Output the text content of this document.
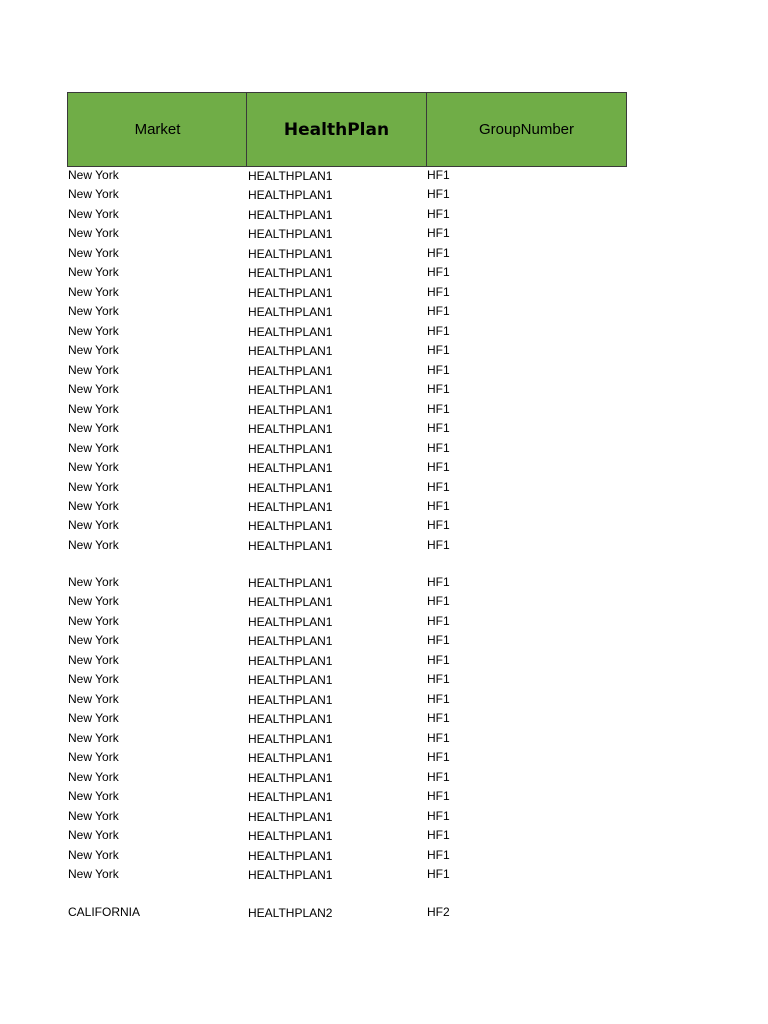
Market	HealthPlan	GroupNumber
New York	HEALTHPLAN1	HF1
New York	HEALTHPLAN1	HF1
New York	HEALTHPLAN1	HF1
New York	HEALTHPLAN1	HF1
New York	HEALTHPLAN1	HF1
New York	HEALTHPLAN1	HF1
New York	HEALTHPLAN1	HF1
New York	HEALTHPLAN1	HF1
New York	HEALTHPLAN1	HF1
New York	HEALTHPLAN1	HF1
New York	HEALTHPLAN1	HF1
New York	HEALTHPLAN1	HF1
New York	HEALTHPLAN1	HF1
New York	HEALTHPLAN1	HF1
New York	HEALTHPLAN1	HF1
New York	HEALTHPLAN1	HF1
New York	HEALTHPLAN1	HF1
New York	HEALTHPLAN1	HF1
New York	HEALTHPLAN1	HF1
New York	HEALTHPLAN1	HF1
New York	HEALTHPLAN1	HF1
New York	HEALTHPLAN1	HF1
New York	HEALTHPLAN1	HF1
New York	HEALTHPLAN1	HF1
New York	HEALTHPLAN1	HF1
New York	HEALTHPLAN1	HF1
New York	HEALTHPLAN1	HF1
New York	HEALTHPLAN1	HF1
New York	HEALTHPLAN1	HF1
New York	HEALTHPLAN1	HF1
New York	HEALTHPLAN1	HF1
New York	HEALTHPLAN1	HF1
New York	HEALTHPLAN1	HF1
New York	HEALTHPLAN1	HF1
New York	HEALTHPLAN1	HF1
New York	HEALTHPLAN1	HF1
CALIFORNIA	HEALTHPLAN2	HF2
